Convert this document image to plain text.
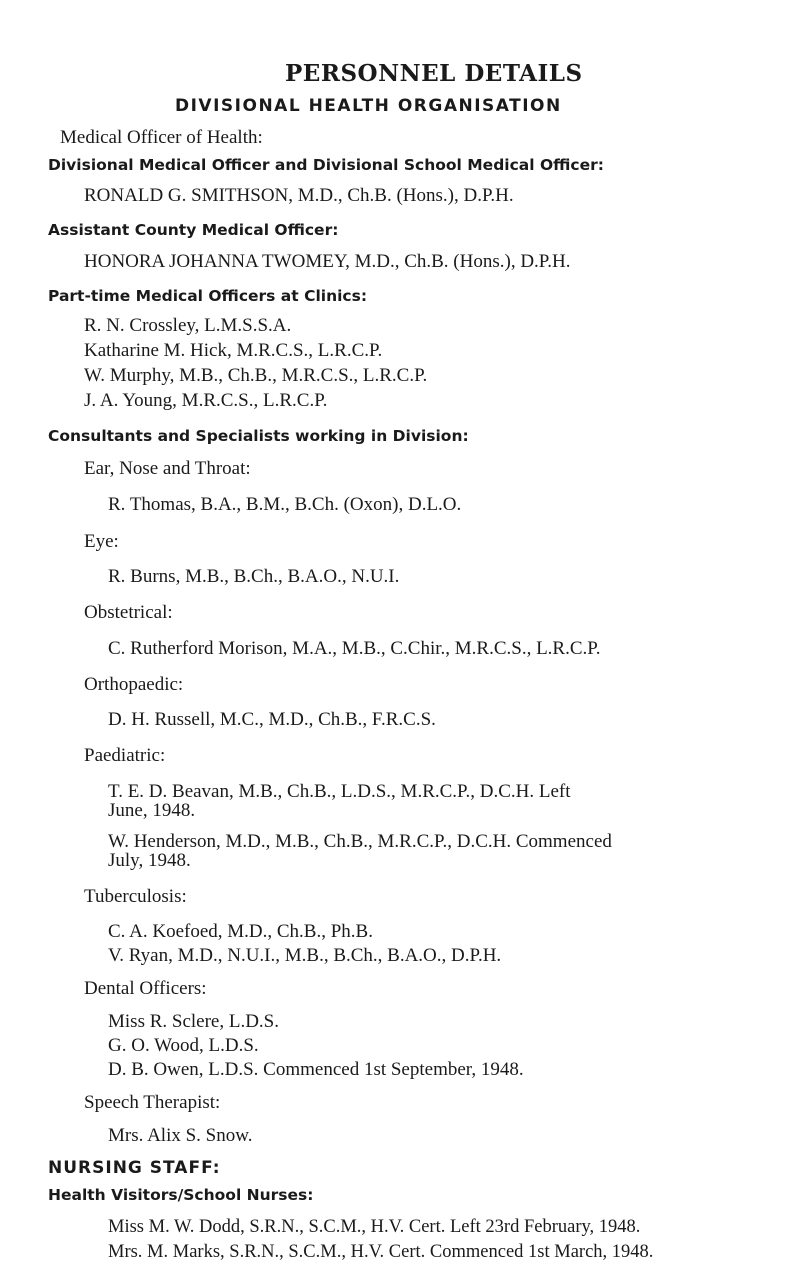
PERSONNEL DETAILS
DIVISIONAL HEALTH ORGANISATION
Medical Officer of Health:
Divisional Medical Officer and Divisional School Medical Officer:
RONALD G. SMITHSON, M.D., Ch.B. (Hons.), D.P.H.
Assistant County Medical Officer:
HONORA JOHANNA TWOMEY, M.D., Ch.B. (Hons.), D.P.H.
Part-time Medical Officers at Clinics:
R. N. Crossley, L.M.S.S.A.
Katharine M. Hick, M.R.C.S., L.R.C.P.
W. Murphy, M.B., Ch.B., M.R.C.S., L.R.C.P.
J. A. Young, M.R.C.S., L.R.C.P.
Consultants and Specialists working in Division:
Ear, Nose and Throat:
R. Thomas, B.A., B.M., B.Ch. (Oxon), D.L.O.
Eye:
R. Burns, M.B., B.Ch., B.A.O., N.U.I.
Obstetrical:
C. Rutherford Morison, M.A., M.B., C.Chir., M.R.C.S., L.R.C.P.
Orthopaedic:
D. H. Russell, M.C., M.D., Ch.B., F.R.C.S.
Paediatric:
T. E. D. Beavan, M.B., Ch.B., L.D.S., M.R.C.P., D.C.H. Left
June, 1948.
W. Henderson, M.D., M.B., Ch.B., M.R.C.P., D.C.H. Commenced
July, 1948.
Tuberculosis:
C. A. Koefoed, M.D., Ch.B., Ph.B.
V. Ryan, M.D., N.U.I., M.B., B.Ch., B.A.O., D.P.H.
Dental Officers:
Miss R. Sclere, L.D.S.
G. O. Wood, L.D.S.
D. B. Owen, L.D.S. Commenced 1st September, 1948.
Speech Therapist:
Mrs. Alix S. Snow.
NURSING STAFF:
Health Visitors/School Nurses:
Miss M. W. Dodd, S.R.N., S.C.M., H.V. Cert. Left 23rd February, 1948.
Mrs. M. Marks, S.R.N., S.C.M., H.V. Cert. Commenced 1st March, 1948.
